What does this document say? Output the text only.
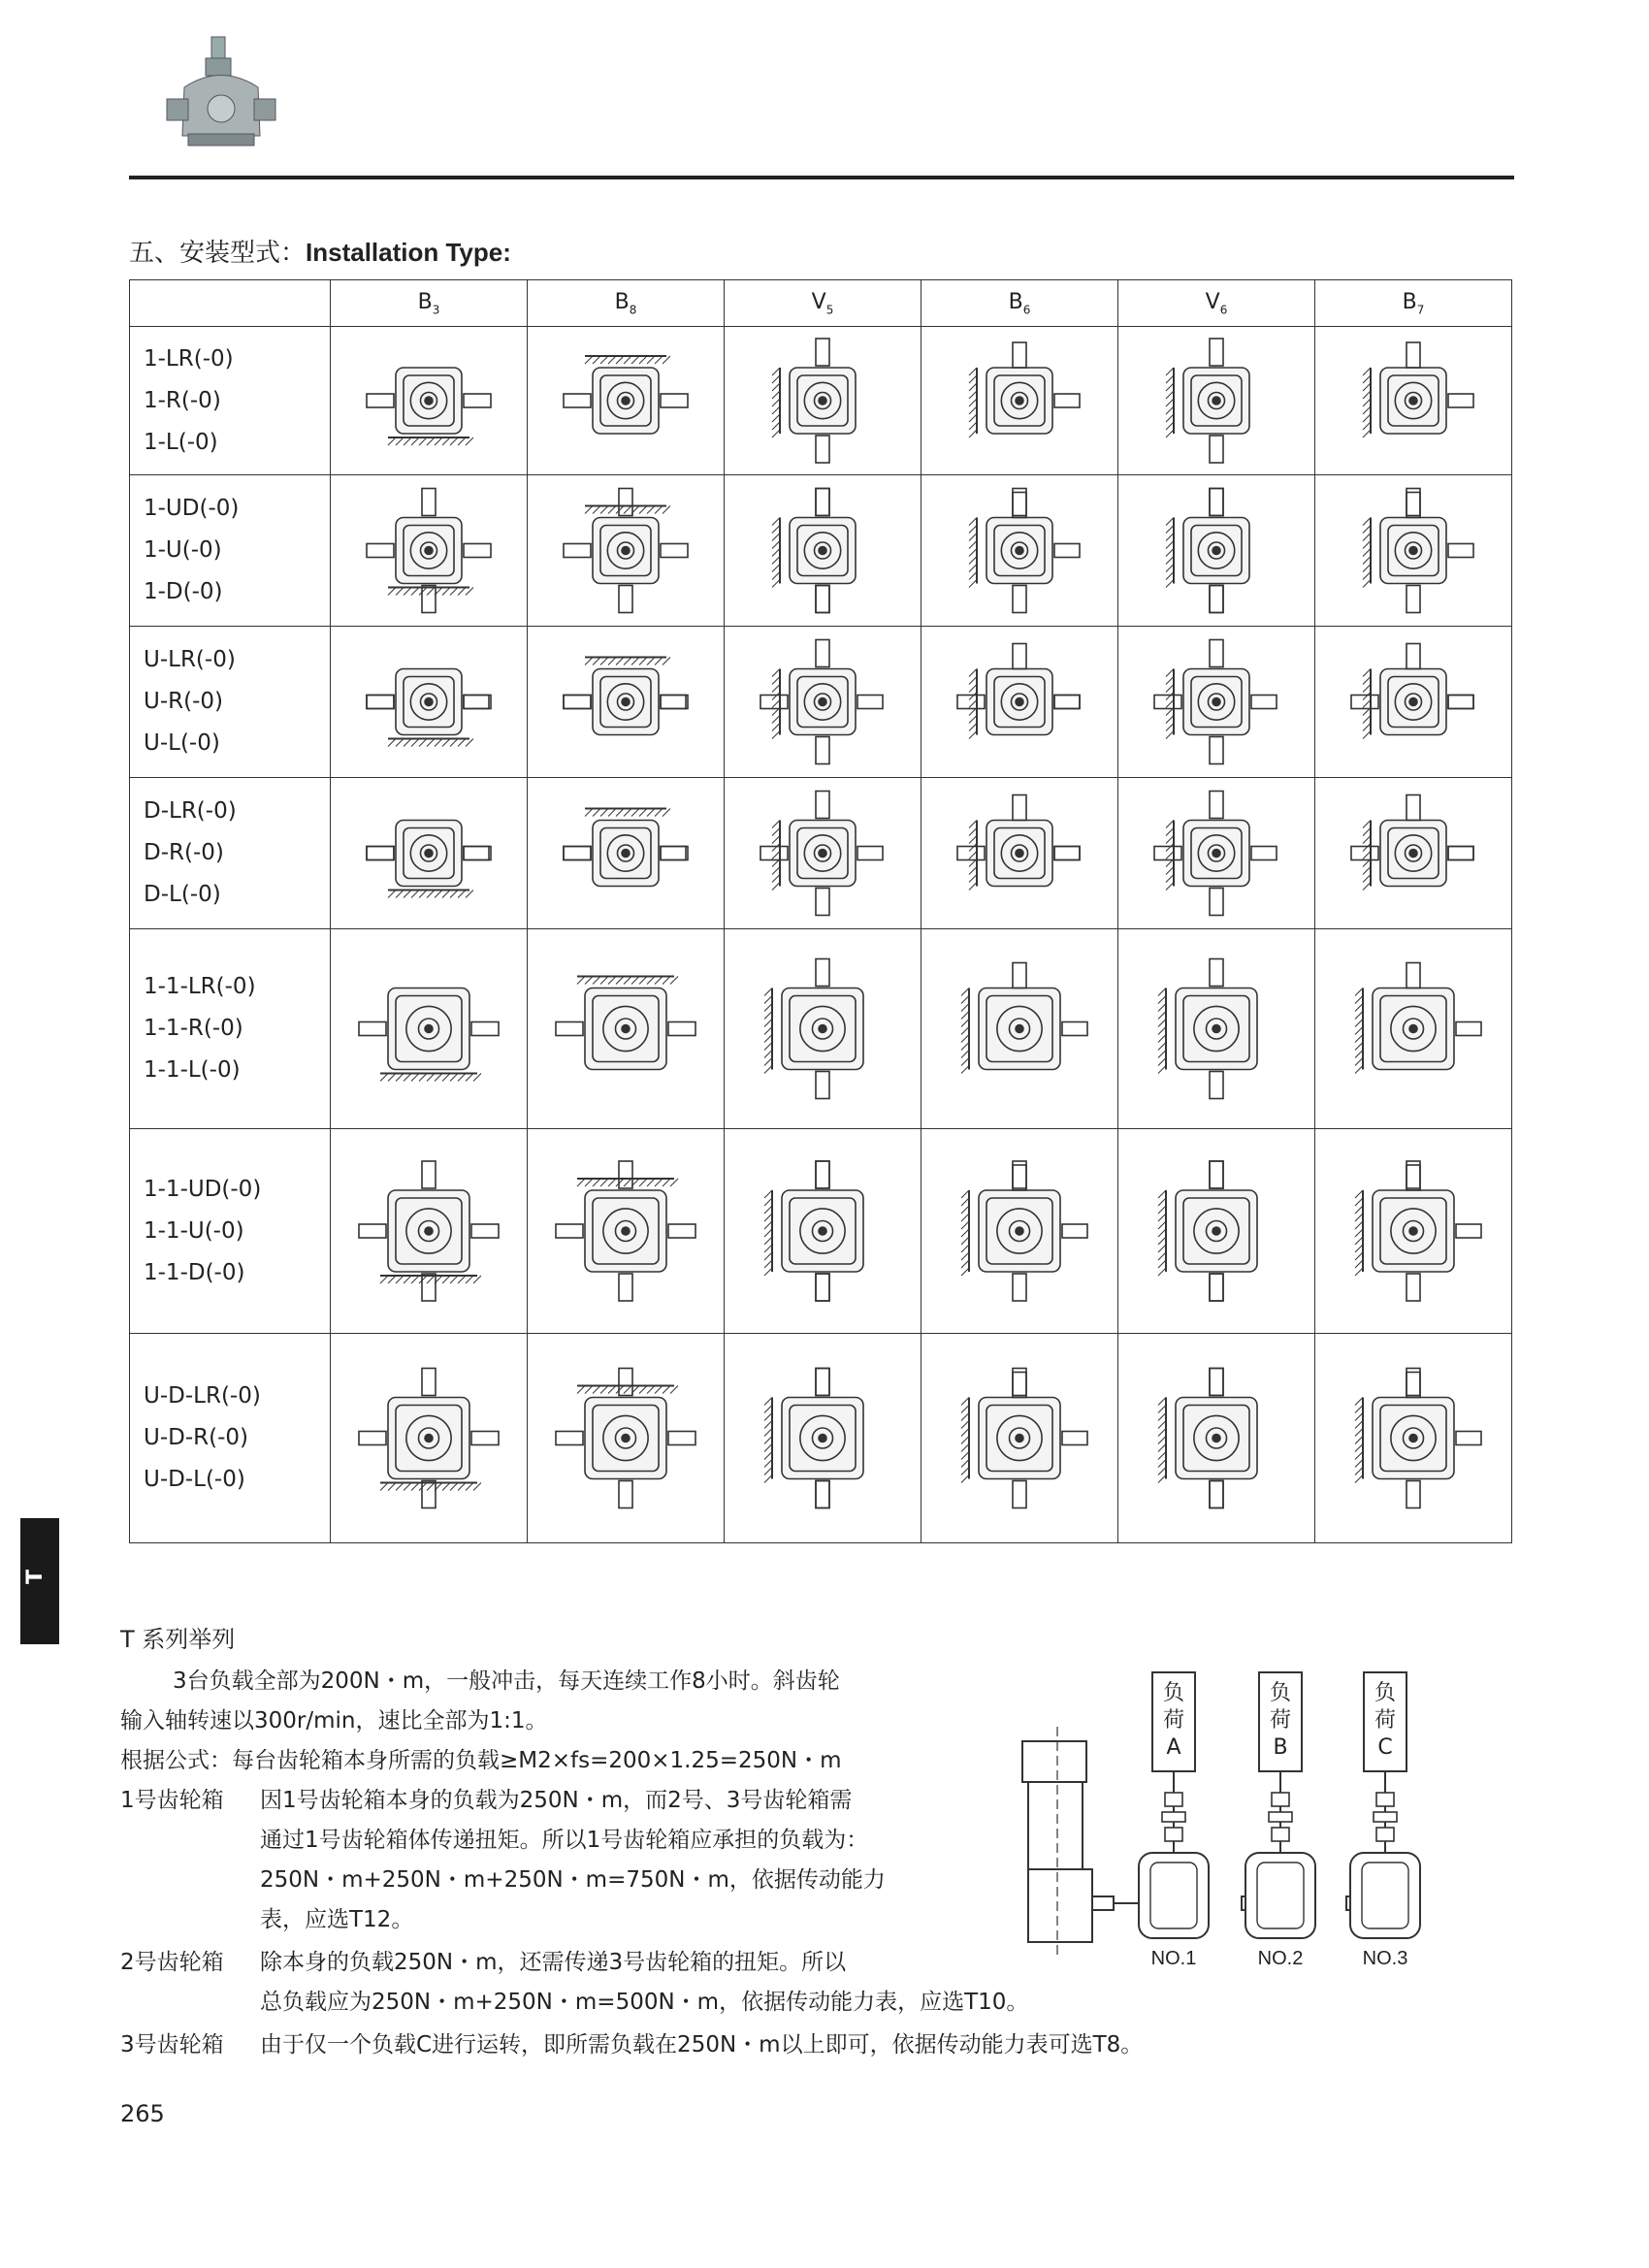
五、安装型式：Installation Type:
	$B_3$	$B_8$	$V_5$	$B_6$	$V_6$	$B_7$

1-LR(-0)
1-R(-0)
1-L(-0)

1-UD(-0)
1-U(-0)
1-D(-0)

U-LR(-0)
U-R(-0)
U-L(-0)

D-LR(-0)
D-R(-0)
D-L(-0)

1-1-LR(-0)
1-1-R(-0)
1-1-L(-0)

1-1-UD(-0)
1-1-U(-0)
1-1-D(-0)

U-D-LR(-0)
U-D-R(-0)
U-D-L(-0)

T
T 系列举列
3台负载全部为200N・m，一般冲击，每天连续工作8小时。斜齿轮
输入轴转速以300r/min，速比全部为1:1。
根据公式：每台齿轮箱本身所需的负载≥M2×fs=200×1.25=250N・m
1号齿轮箱 因1号齿轮箱本身的负载为250N・m，而2号、3号齿轮箱需
通过1号齿轮箱体传递扭矩。所以1号齿轮箱应承担的负载为：
250N・m+250N・m+250N・m=750N・m，依据传动能力
表，应选T12。
2号齿轮箱 除本身的负载250N・m，还需传递3号齿轮箱的扭矩。所以
总负载应为250N・m+250N・m=500N・m，依据传动能力表，应选T10。
3号齿轮箱 由于仅一个负载C进行运转，即所需负载在250N・m以上即可，依据传动能力表可选T8。
负
荷
A
NO.1
负
荷
B
NO.2
负
荷
C
NO.3
265
